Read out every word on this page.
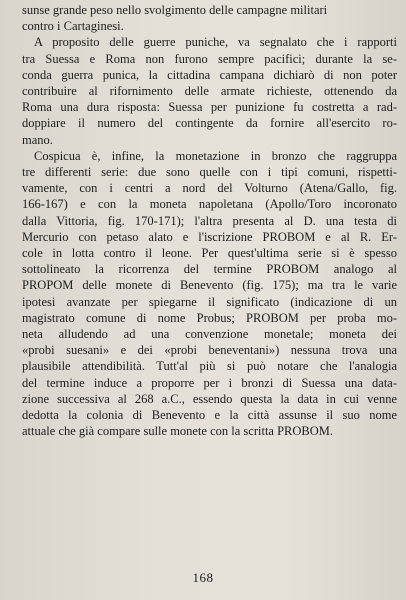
sunse grande peso nello svolgimento delle campagne militari
contro i Cartaginesi.
A proposito delle guerre puniche, va segnalato che i rapporti
tra Suessa e Roma non furono sempre pacifici; durante la se-
conda guerra punica, la cittadina campana dichiarò di non poter
contribuire al rifornimento delle armate richieste, ottenendo da
Roma una dura risposta: Suessa per punizione fu costretta a rad-
doppiare il numero del contingente da fornire all'esercito ro-
mano.
Cospicua è, infine, la monetazione in bronzo che raggruppa
tre differenti serie: due sono quelle con i tipi comuni, rispetti-
vamente, con i centri a nord del Volturno (Atena/Gallo, fig.
166-167) e con la moneta napoletana (Apollo/Toro incoronato
dalla Vittoria, fig. 170-171); l'altra presenta al D. una testa di
Mercurio con petaso alato e l'iscrizione PROBOM e al R. Er-
cole in lotta contro il leone. Per quest'ultima serie si è spesso
sottolineato la ricorrenza del termine PROBOM analogo al
PROPOM delle monete di Benevento (fig. 175); ma tra le varie
ipotesi avanzate per spiegarne il significato (indicazione di un
magistrato comune di nome Probus; PROBOM per proba mo-
neta alludendo ad una convenzione monetale; moneta dei
«probi suesani» e dei «probi beneventani») nessuna trova una
plausibile attendibilità. Tutt'al più si può notare che l'analogia
del termine induce a proporre per i bronzi di Suessa una data-
zione successiva al 268 a.C., essendo questa la data in cui venne
dedotta la colonia di Benevento e la città assunse il suo nome
attuale che già compare sulle monete con la scritta PROBOM.
168
